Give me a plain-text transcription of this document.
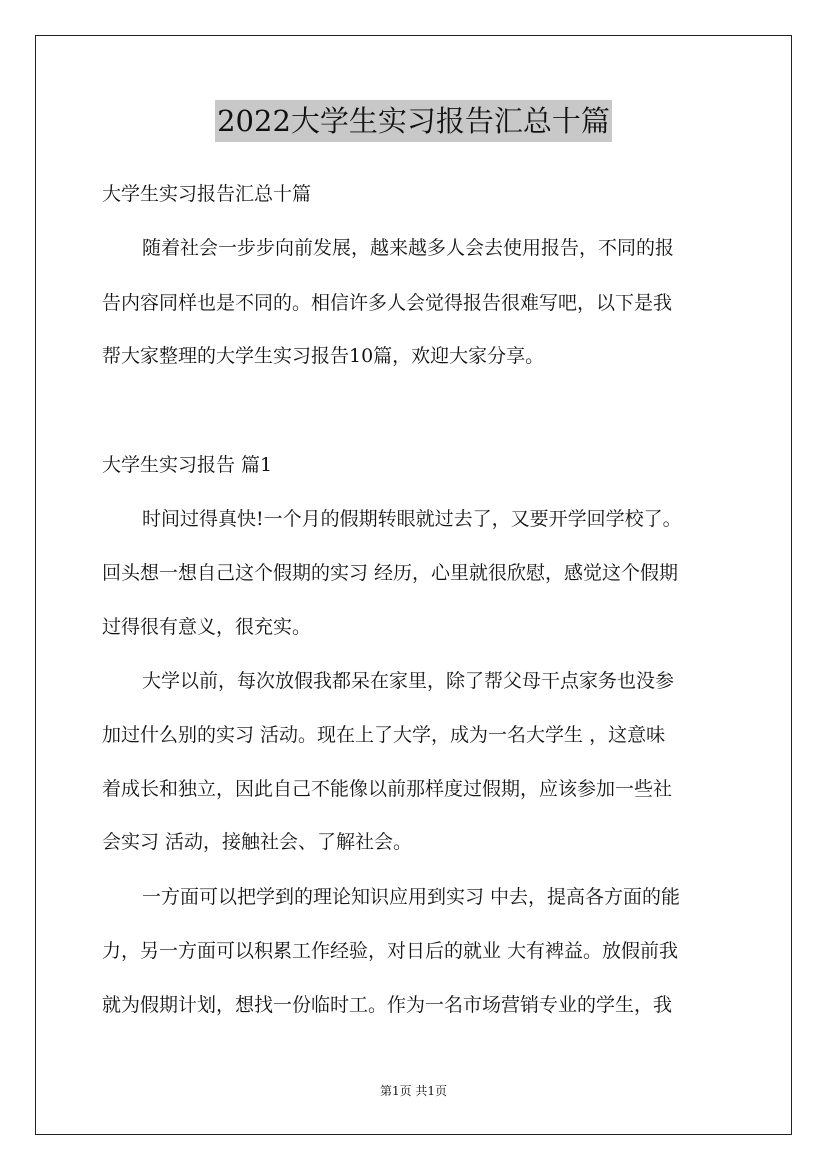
2022大学生实习报告汇总十篇
大学生实习报告汇总十篇
随着社会一步步向前发展，越来越多人会去使用报告，不同的报
告内容同样也是不同的。相信许多人会觉得报告很难写吧，以下是我
帮大家整理的大学生实习报告10篇，欢迎大家分享。
大学生实习报告 篇1
时间过得真快!一个月的假期转眼就过去了，又要开学回学校了。
回头想一想自己这个假期的实习 经历，心里就很欣慰，感觉这个假期
过得很有意义，很充实。
大学以前，每次放假我都呆在家里，除了帮父母干点家务也没参
加过什么别的实习 活动。现在上了大学，成为一名大学生 ，这意味
着成长和独立，因此自己不能像以前那样度过假期，应该参加一些社
会实习 活动，接触社会、了解社会。
一方面可以把学到的理论知识应用到实习 中去，提高各方面的能
力，另一方面可以积累工作经验，对日后的就业 大有裨益。放假前我
就为假期计划，想找一份临时工。作为一名市场营销专业的学生，我
第1页 共1页
